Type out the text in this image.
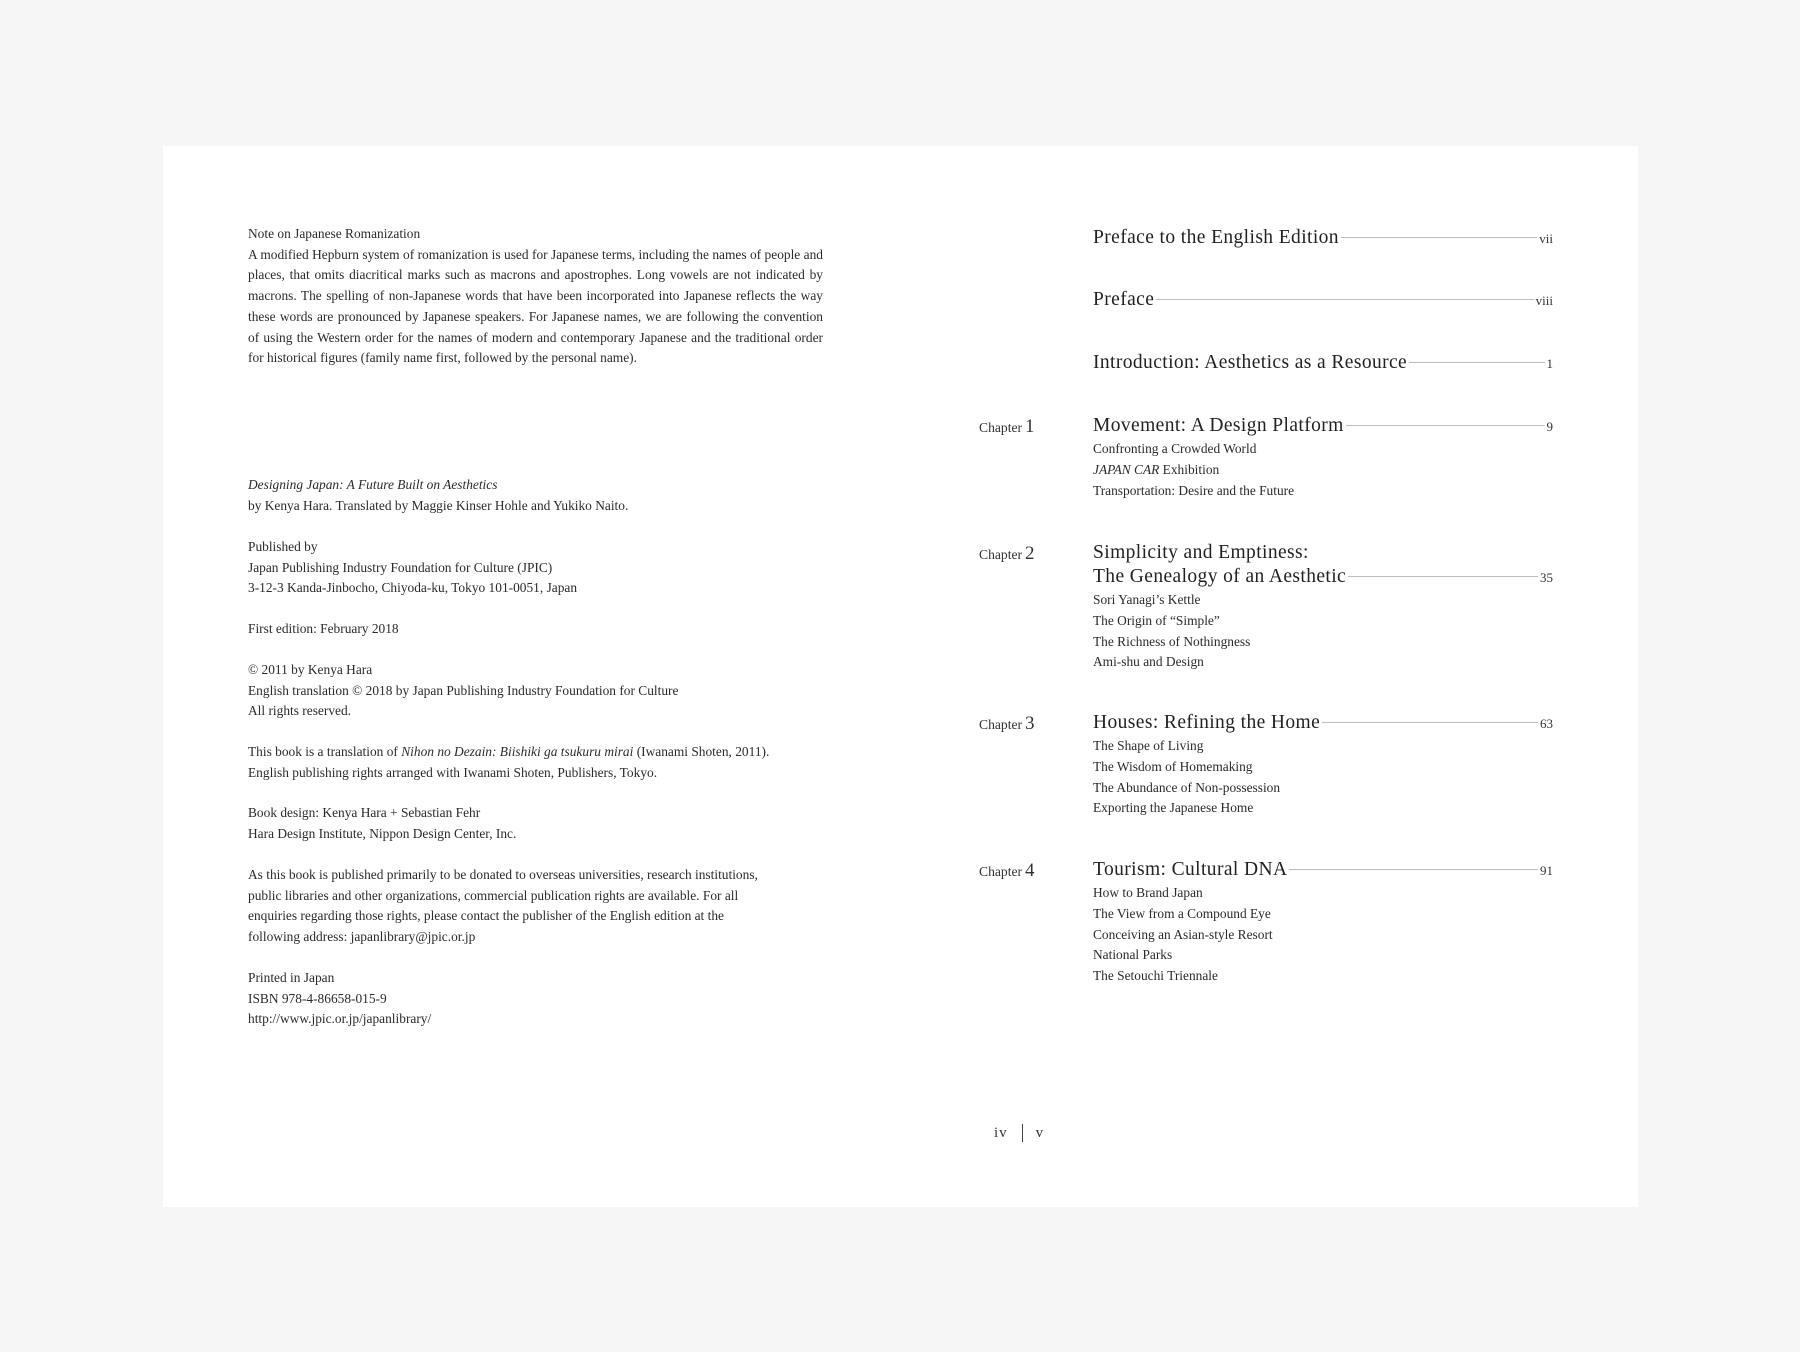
Note on Japanese Romanization

A modified Hepburn system of romanization is used for Japanese terms, including the names of people and places, that omits diacritical marks such as macrons and apostrophes. Long vowels are not indicated by macrons. The spelling of non-Japanese words that have been incorporated into Japanese reflects the way these words are pronounced by Japanese speakers. For Japanese names, we are following the convention of using the Western order for the names of modern and contemporary Japanese and the traditional order for historical figures (family name first, followed by the personal name).

Designing Japan: A Future Built on Aesthetics

by Kenya Hara. Translated by Maggie Kinser Hohle and Yukiko Naito.

Published by

Japan Publishing Industry Foundation for Culture (JPIC)

3-12-3 Kanda-Jinbocho, Chiyoda-ku, Tokyo 101-0051, Japan

First edition: February 2018

© 2011 by Kenya Hara

English translation © 2018 by Japan Publishing Industry Foundation for Culture

All rights reserved.

This book is a translation of Nihon no Dezain: Biishiki ga tsukuru mirai (Iwanami Shoten, 2011).

English publishing rights arranged with Iwanami Shoten, Publishers, Tokyo.

Book design: Kenya Hara + Sebastian Fehr

Hara Design Institute, Nippon Design Center, Inc.

As this book is published primarily to be donated to overseas universities, research institutions,

public libraries and other organizations, commercial publication rights are available. For all

enquiries regarding those rights, please contact the publisher of the English edition at the

following address: japanlibrary@jpic.or.jp

Printed in Japan

ISBN 978-4-86658-015-9

http://www.jpic.or.jp/japanlibrary/

Preface to the English Edition	vii
Preface	viii
Introduction: Aesthetics as a Resource	1
Chapter 1	Movement: A Design Platform	9
Confronting a Crowded World
JAPAN CAR Exhibition
Transportation: Desire and the Future
Chapter 2	Simplicity and Emptiness:
The Genealogy of an Aesthetic	35
Sori Yanagi’s Kettle
The Origin of “Simple”
The Richness of Nothingness
Ami-shu and Design
Chapter 3	Houses: Refining the Home	63
The Shape of Living
The Wisdom of Homemaking
The Abundance of Non-possession
Exporting the Japanese Home
Chapter 4	Tourism: Cultural DNA	91
How to Brand Japan
The View from a Compound Eye
Conceiving an Asian-style Resort
National Parks
The Setouchi Triennale
iv v
